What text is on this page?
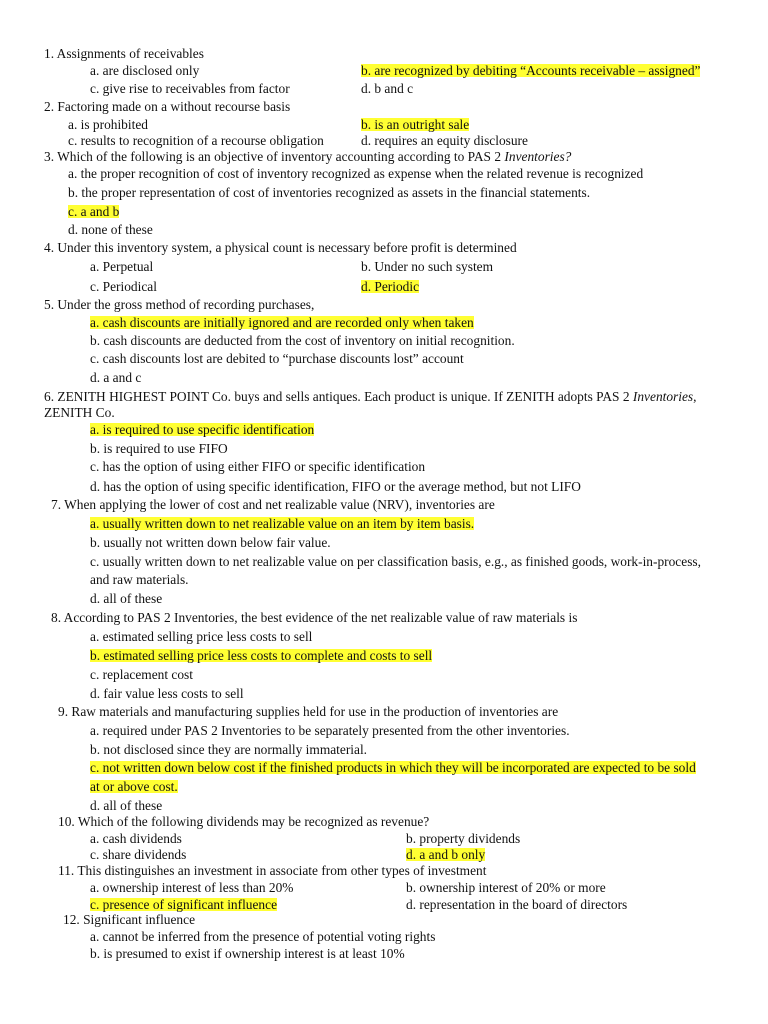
1. Assignments of receivables
a. are disclosed only	b. are recognized by debiting “Accounts receivable – assigned”
c. give rise to receivables from factor	d. b and c
2. Factoring made on a without recourse basis
a. is prohibited	b. is an outright sale
c. results to recognition of a recourse obligation	d. requires an equity disclosure
3. Which of the following is an objective of inventory accounting according to PAS 2 Inventories?
a. the proper recognition of cost of inventory recognized as expense when the related revenue is recognized
b. the proper representation of cost of inventories recognized as assets in the financial statements.
c. a and b
d. none of these
4. Under this inventory system, a physical count is necessary before profit is determined
a. Perpetual	b. Under no such system
c. Periodical	d. Periodic
5. Under the gross method of recording purchases,
a. cash discounts are initially ignored and are recorded only when taken
b. cash discounts are deducted from the cost of inventory on initial recognition.
c. cash discounts lost are debited to “purchase discounts lost” account
d. a and c
6. ZENITH HIGHEST POINT Co. buys and sells antiques. Each product is unique. If ZENITH adopts PAS 2 Inventories,
ZENITH Co.
a. is required to use specific identification
b. is required to use FIFO
c. has the option of using either FIFO or specific identification
d. has the option of using specific identification, FIFO or the average method, but not LIFO
7. When applying the lower of cost and net realizable value (NRV), inventories are
a. usually written down to net realizable value on an item by item basis.
b. usually not written down below fair value.
c. usually written down to net realizable value on per classification basis, e.g., as finished goods, work-in-process,
and raw materials.
d. all of these
8. According to PAS 2 Inventories, the best evidence of the net realizable value of raw materials is
a. estimated selling price less costs to sell
b. estimated selling price less costs to complete and costs to sell
c. replacement cost
d. fair value less costs to sell
9. Raw materials and manufacturing supplies held for use in the production of inventories are
a. required under PAS 2 Inventories to be separately presented from the other inventories.
b. not disclosed since they are normally immaterial.
c. not written down below cost if the finished products in which they will be incorporated are expected to be sold
at or above cost.
d. all of these
10. Which of the following dividends may be recognized as revenue?
a. cash dividends	b. property dividends
c. share dividends	d. a and b only
11. This distinguishes an investment in associate from other types of investment
a. ownership interest of less than 20%	b. ownership interest of 20% or more
c. presence of significant influence	d. representation in the board of directors
12. Significant influence
a. cannot be inferred from the presence of potential voting rights
b. is presumed to exist if ownership interest is at least 10%
